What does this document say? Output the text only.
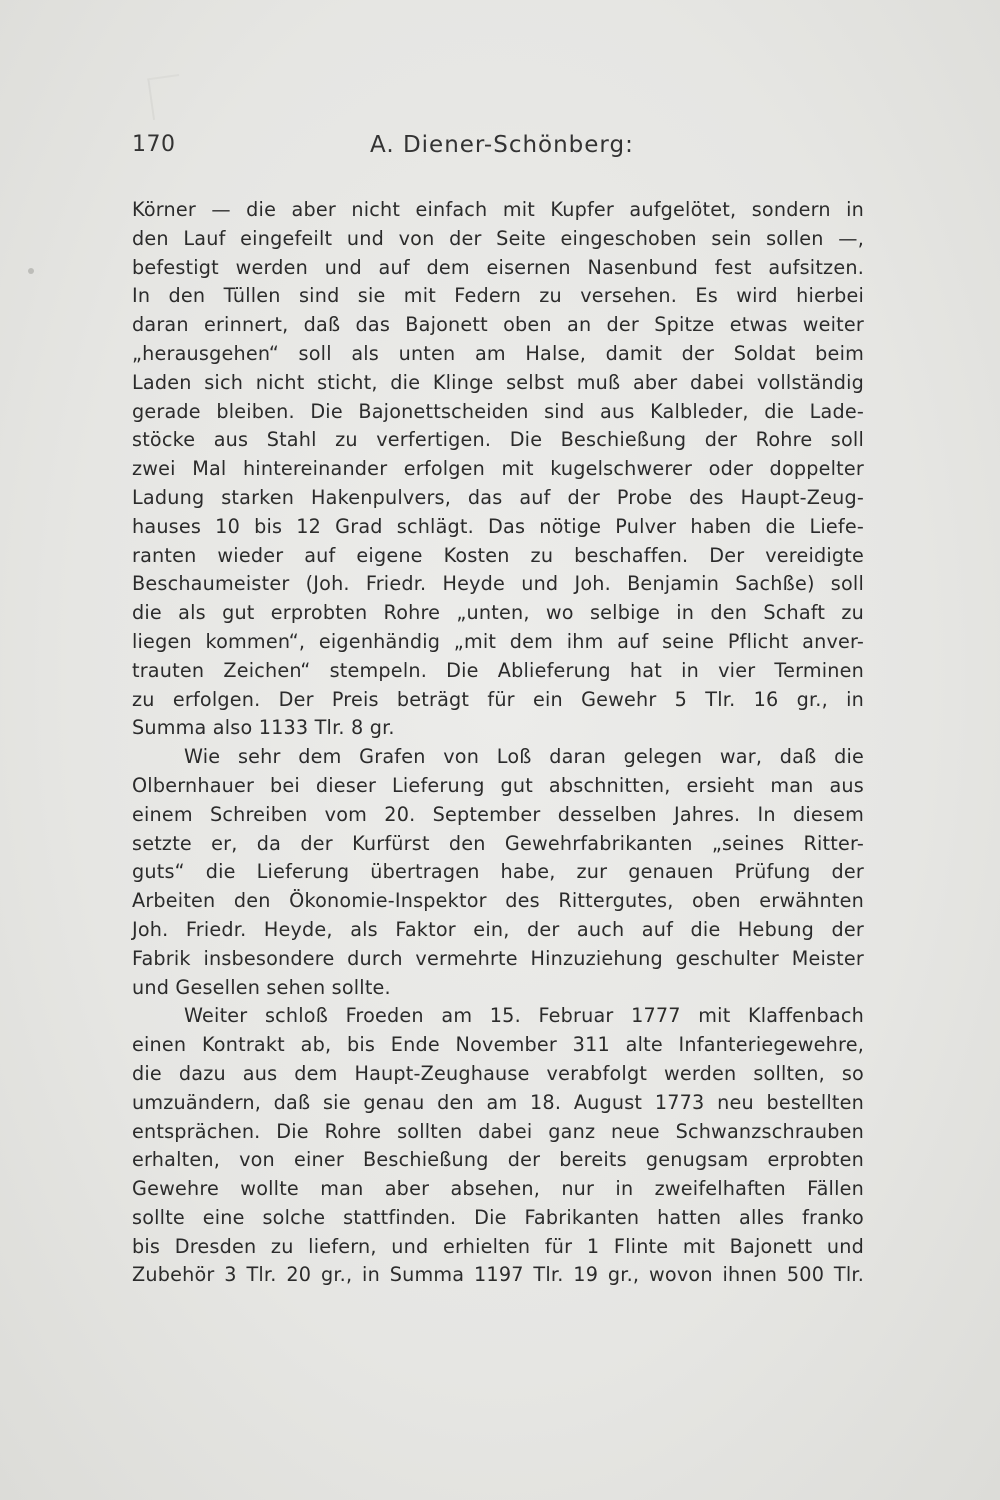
170	A. Diener-Schönberg:
Körner — die aber nicht einfach mit Kupfer aufgelötet, sondern in
den Lauf eingefeilt und von der Seite eingeschoben sein sollen —,
befestigt werden und auf dem eisernen Nasenbund fest aufsitzen.
In den Tüllen sind sie mit Federn zu versehen. Es wird hierbei
daran erinnert, daß das Bajonett oben an der Spitze etwas weiter
„herausgehen“ soll als unten am Halse, damit der Soldat beim
Laden sich nicht sticht, die Klinge selbst muß aber dabei vollständig
gerade bleiben. Die Bajonettscheiden sind aus Kalbleder, die Lade-
stöcke aus Stahl zu verfertigen. Die Beschießung der Rohre soll
zwei Mal hintereinander erfolgen mit kugelschwerer oder doppelter
Ladung starken Hakenpulvers, das auf der Probe des Haupt-Zeug-
hauses 10 bis 12 Grad schlägt. Das nötige Pulver haben die Liefe-
ranten wieder auf eigene Kosten zu beschaffen. Der vereidigte
Beschaumeister (Joh. Friedr. Heyde und Joh. Benjamin Sachße) soll
die als gut erprobten Rohre „unten, wo selbige in den Schaft zu
liegen kommen“, eigenhändig „mit dem ihm auf seine Pflicht anver-
trauten Zeichen“ stempeln. Die Ablieferung hat in vier Terminen
zu erfolgen. Der Preis beträgt für ein Gewehr 5 Tlr. 16 gr., in
Summa also 1133 Tlr. 8 gr.
Wie sehr dem Grafen von Loß daran gelegen war, daß die
Olbernhauer bei dieser Lieferung gut abschnitten, ersieht man aus
einem Schreiben vom 20. September desselben Jahres. In diesem
setzte er, da der Kurfürst den Gewehrfabrikanten „seines Ritter-
guts“ die Lieferung übertragen habe, zur genauen Prüfung der
Arbeiten den Ökonomie-Inspektor des Rittergutes, oben erwähnten
Joh. Friedr. Heyde, als Faktor ein, der auch auf die Hebung der
Fabrik insbesondere durch vermehrte Hinzuziehung geschulter Meister
und Gesellen sehen sollte.
Weiter schloß Froeden am 15. Februar 1777 mit Klaffenbach
einen Kontrakt ab, bis Ende November 311 alte Infanteriegewehre,
die dazu aus dem Haupt-Zeughause verabfolgt werden sollten, so
umzuändern, daß sie genau den am 18. August 1773 neu bestellten
entsprächen. Die Rohre sollten dabei ganz neue Schwanzschrauben
erhalten, von einer Beschießung der bereits genugsam erprobten
Gewehre wollte man aber absehen, nur in zweifelhaften Fällen
sollte eine solche stattfinden. Die Fabrikanten hatten alles franko
bis Dresden zu liefern, und erhielten für 1 Flinte mit Bajonett und
Zubehör 3 Tlr. 20 gr., in Summa 1197 Tlr. 19 gr., wovon ihnen 500 Tlr.
